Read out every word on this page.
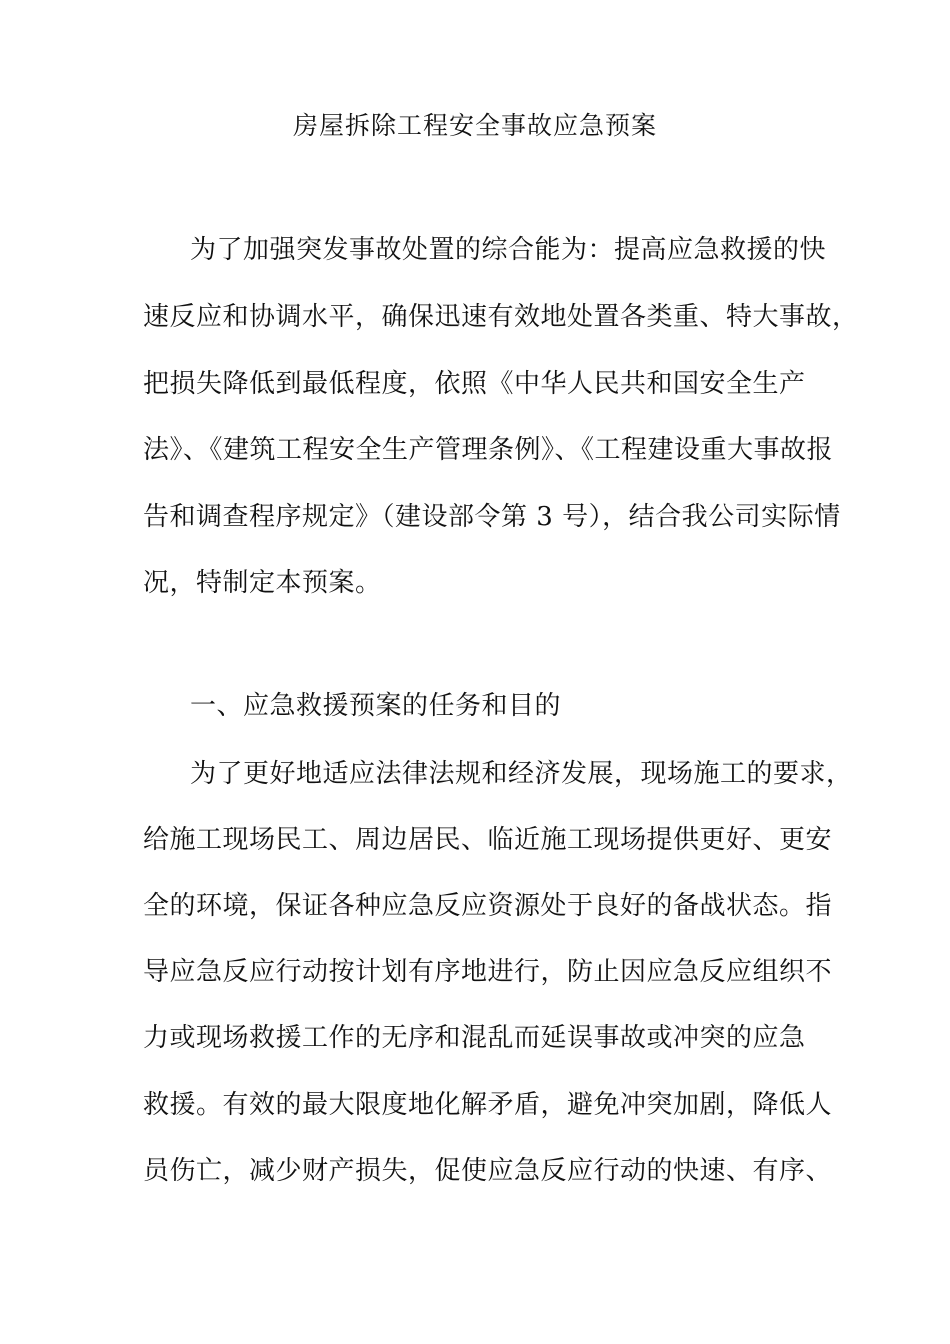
房屋拆除工程安全事故应急预案
为了加强突发事故处置的综合能为：提高应急救援的快
速反应和协调水平，确保迅速有效地处置各类重、特大事故，
把损失降低到最低程度，依照《中华人民共和国安全生产
法》、《建筑工程安全生产管理条例》、《工程建设重大事故报
告和调查程序规定》（建设部令第 3 号），结合我公司实际情
况，特制定本预案。
一、应急救援预案的任务和目的
为了更好地适应法律法规和经济发展，现场施工的要求，
给施工现场民工、周边居民、临近施工现场提供更好、更安
全的环境，保证各种应急反应资源处于良好的备战状态。指
导应急反应行动按计划有序地进行，防止因应急反应组织不
力或现场救援工作的无序和混乱而延误事故或冲突的应急
救援。有效的最大限度地化解矛盾，避免冲突加剧，降低人
员伤亡，减少财产损失，促使应急反应行动的快速、有序、
